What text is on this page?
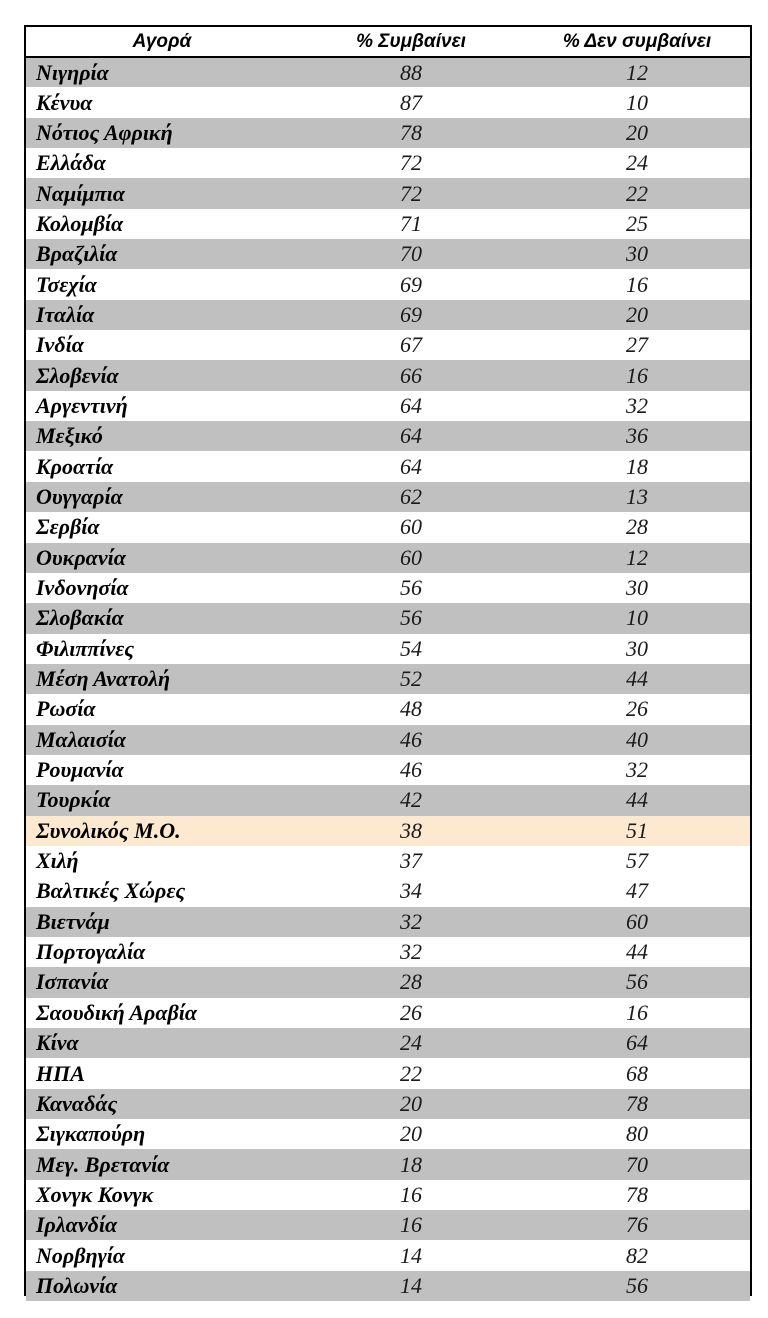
Αγορά	% Συμβαίνει	% Δεν συμβαίνει
Νιγηρία	88	12
Κένυα	87	10
Νότιος Αφρική	78	20
Ελλάδα	72	24
Ναμίμπια	72	22
Κολομβία	71	25
Βραζιλία	70	30
Τσεχία	69	16
Ιταλία	69	20
Ινδία	67	27
Σλοβενία	66	16
Αργεντινή	64	32
Μεξικό	64	36
Κροατία	64	18
Ουγγαρία	62	13
Σερβία	60	28
Ουκρανία	60	12
Ινδονησία	56	30
Σλοβακία	56	10
Φιλιππίνες	54	30
Μέση Ανατολή	52	44
Ρωσία	48	26
Μαλαισία	46	40
Ρουμανία	46	32
Τουρκία	42	44
Συνολικός Μ.Ο.	38	51
Χιλή	37	57
Βαλτικές Χώρες	34	47
Βιετνάμ	32	60
Πορτογαλία	32	44
Ισπανία	28	56
Σαουδική Αραβία	26	16
Κίνα	24	64
ΗΠΑ	22	68
Καναδάς	20	78
Σιγκαπούρη	20	80
Μεγ. Βρετανία	18	70
Χονγκ Κονγκ	16	78
Ιρλανδία	16	76
Νορβηγία	14	82
Πολωνία	14	56
